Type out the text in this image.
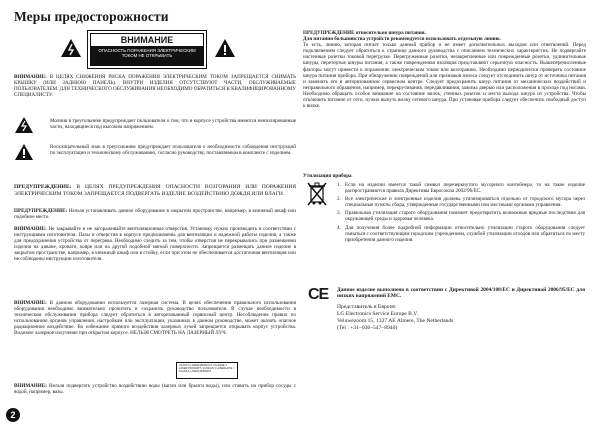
Меры предосторожности
ВНИМАНИЕ
ОПАСНОСТЬ ПОРАЖЕНИЯ ЭЛЕКТРИЧЕСКИМ ТОКОМ НЕ ОТКРЫВАТЬ

ВНИМАНИЕ: В ЦЕЛЯХ СНИЖЕНИЯ РИСКА ПОРАЖЕНИЯ ЭЛЕКТРИЧЕСКИМ ТОКОМ ЗАПРЕЩАЕТСЯ СНИМАТЬ КРЫШКУ (ИЛИ ЗАДНЮЮ ПАНЕЛЬ). ВНУТРИ ИЗДЕЛИЯ ОТСУТСТВУЮТ ЧАСТИ, ОБСЛУЖИВАЕМЫЕ ПОЛЬЗОВАТЕЛЕМ. ДЛЯ ТЕХНИЧЕСКОГО ОБСЛУЖИВАНИЯ НЕОБХОДИМО ОБРАТИТЬСЯ К КВАЛИФИЦИРОВАННОМУ СПЕЦИАЛИСТУ.

Молния в треугольнике предупреждает пользователя о том, что в корпусе устройства имеются неизолированные части, находящиеся под высоким напряжением.

Восклицательный знак в треугольнике предупреждает пользователя о необходимости соблюдения инструкций по эксплуатации и техническому обслуживанию, согласно руководству, поставляемым в комплекте с изделием.

ПРЕДУПРЕЖДЕНИЕ: В ЦЕЛЯХ ПРЕДУПРЕЖДЕНИЯ ОПАСНОСТИ ВОЗГОРАНИЯ ИЛИ ПОРАЖЕНИЯ ЭЛЕКТРИЧЕСКИМ ТОКОМ ЗАПРЕЩАЕТСЯ ПОДВЕРГАТЬ ИЗДЕЛИЕ ВОЗДЕЙСТВИЮ ДОЖДЯ ИЛИ ВЛАГИ.

ПРЕДУПРЕЖДЕНИЕ: Нельзя устанавливать данное оборудование в закрытом пространстве, например, в книжный шкаф или подобное место.

ВНИМАНИЕ: Не закрывайте и не загораживайте вентиляционные отверстия. Установку нужно производить в соответствии с инструкциями изготовителя. Пазы и отверстия в корпусе предназначены для вентиляции и надежной работы изделия, а также для предохранения устройства от перегрева. Необходимо следить за тем, чтобы отверстия не перекрывались при размещении изделия на диване, кровати, ковре или на другой подобной мягкой поверхности. Запрещается размещать данное изделие в закрытом пространстве, например, в книжный шкаф или в стойку, если при этом не обеспечивается достаточная вентиляция или не соблюдены инструкции изготовителя.

ВНИМАНИЕ: В данном оборудовании используется лазерная система. В целях обеспечения правильного использования оборудования необходимо внимательно прочитать и сохранить руководство пользователя. В случае необходимости в техническом обслуживании прибора следует обратиться в авторизованный сервисный центр. Несоблюдение правил по использованию органов управления, настройкам или эксплуатации, указанных в данном руководстве, может оказать опасное радиационное воздействие. Во избежание прямого воздействия лазерных лучей запрещается открывать корпус устройства. Видимое лазерное излучение при открытом корпусе. НЕЛЬЗЯ СМОТРЕТЬ НА ЛАЗЕРНЫЙ ЛУЧ.

CLASS 1 LASER PRODUCT / KLASSE 1 LASER PRODUKT / LUOKAN 1 LASERLAITE / KLASS 1 LASER APPARAT

ВНИМАНИЕ: Нельзя подвергать устройство воздействию воды (капли или брызги воды), или ставить на прибор сосуды с водой, например, вазы.

2

ПРЕДУПРЕЖДЕНИЕ относительно шнура питания.
Для питания большинства устройств рекомендуется использовать отдельную линию.
То есть, линию, которая питает только данный прибор и не имеет дополнительных выходов или ответвлений. Перед подключением следует обратиться к странице данного руководства с описанием технических характеристик. Не подвергайте настенные розетки токовой перегрузке. Перегруженные розетки, незакрепленные или поврежденные розетки, удлинительные шнуры, перетертые шнуры питания, а также поврежденная изоляция представляют серьезную опасность. Вышеперечисленные факторы могут привести к поражению электрическим током или возгоранию. Необходимо периодически проверять состояние шнура питания прибора. При обнаружении повреждений или признаков износа следует отсоединить шнур от источника питания и заменить его в авторизованном сервисном центре. Следует предохранить шнур питания от механических воздействий и неправильного обращения, например, перекручивания, передавливания, зажима дверью или расположения в проходе под ногами. Необходимо обращать особое внимание на состояние вилок, стенных розеток и места выхода шнура из устройства. Чтобы отключить питание от сети, нужно вынуть вилку сетевого шнура. При установке прибора следует обеспечить свободный доступ к вилке.

Утилизация прибора
1. Если на изделии имеется такой символ перечеркнутого мусорного контейнера, то на такое изделие распространяются правила Директивы Евросоюза 2002/96/EC.
2. Все электрические и электронные изделия должны утилизироваться отдельно от городского мусора через специальные пункты сбора, утвержденные государственными или местными органами управления.
3. Правильная утилизация старого оборудования поможет предотвратить возможные вредные последствия для окружающей среды и здоровья человека.
4. Для получения более подробной информации относительно утилизации старого оборудования следует связаться с соответствующим городским учреждением, службой утилизации отходов или обратиться по месту приобретения данного изделия.
CE Данное изделие выполнено в соответствии с Директивой 2004/108/EC и Директивой 2006/95/EC для низких напряжений EMC.

Представитель в Европе:
LG Electronics Service Europe B.V.
Veluwezoom 15, 1327 AE Almere, The Netherlands
(Tel : +31–036–547–8940)
